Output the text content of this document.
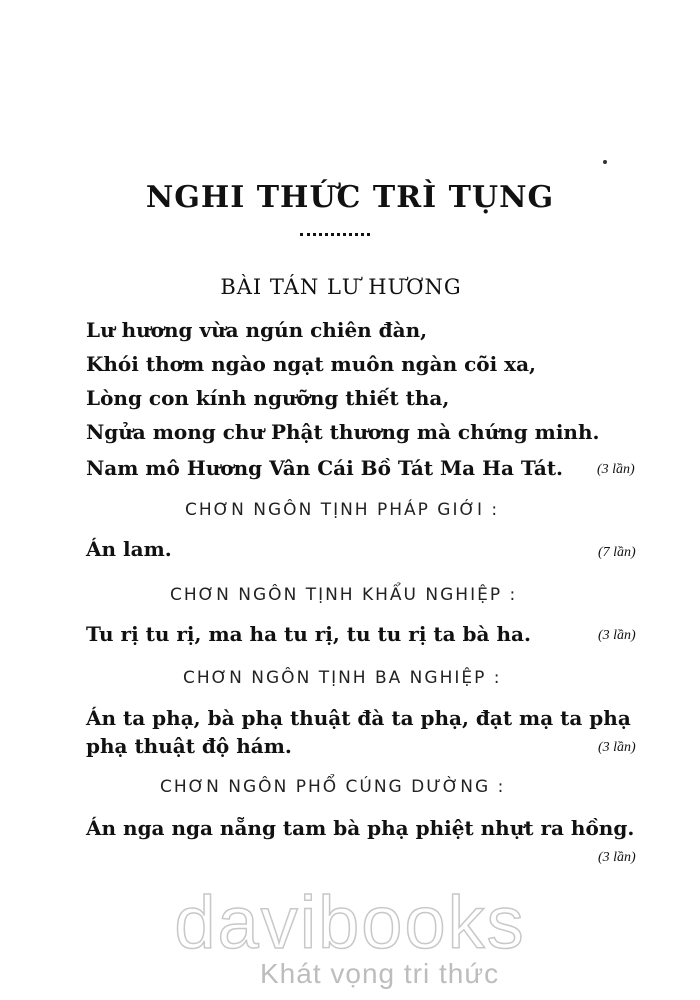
NGHI THỨC TRÌ TỤNG
BÀI TÁN LƯ HƯƠNG
Lư hương vừa ngún chiên đàn,
Khói thơm ngào ngạt muôn ngàn cõi xa,
Lòng con kính ngưỡng thiết tha,
Ngửa mong chư Phật thương mà chứng minh.
Nam mô Hương Vân Cái Bồ Tát Ma Ha Tát. (3 lần)
CHƠN NGÔN TỊNH PHÁP GIỚI :
Án lam.	(7 lần)
CHƠN NGÔN TỊNH KHẨU NGHIỆP :
Tu rị tu rị, ma ha tu rị, tu tu rị ta bà ha.	(3 lần)
CHƠN NGÔN TỊNH BA NGHIỆP :
Án ta phạ, bà phạ thuật đà ta phạ, đạt mạ ta phạ
phạ thuật độ hám.	(3 lần)
CHƠN NGÔN PHỔ CÚNG DƯỜNG :
Án nga nga nẵng tam bà phạ phiệt nhựt ra hồng.
(3 lần)
davibooks
Khát vọng tri thức
